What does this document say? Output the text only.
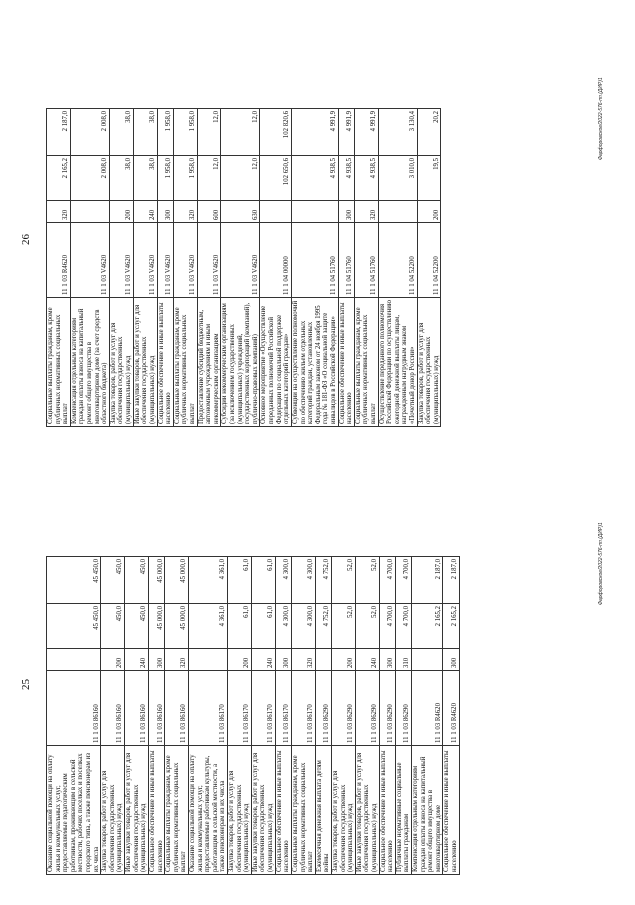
25
Оказание социальной помощи на оплату жилья и коммунальных услуг, предоставляемые педагогическим работникам, проживающим в сельской местности, рабочих поселках и поселках городского типа, а также пенсионерам из их числа	11 1 03 86160		45 450,0	45 450,0
Закупка товаров, работ и услуг для обеспечения государственных (муниципальных) нужд	11 1 03 86160	200	450,0	450,0
Иные закупки товаров, работ и услуг для обеспечения государственных (муниципальных) нужд	11 1 03 86160	240	450,0	450,0
Социальное обеспечение и иные выплаты населению	11 1 03 86160	300	45 000,0	45 000,0
Социальные выплаты гражданам, кроме публичных нормативных социальных выплат	11 1 03 86160	320	45 000,0	45 000,0
Оказание социальной помощи на оплату жилья и коммунальных услуг, предоставляемые работникам культуры, работающим в сельской местности, а также пенсионерам из их числа	11 1 03 86170		4 361,0	4 361,0
Закупка товаров, работ и услуг для обеспечения государственных (муниципальных) нужд	11 1 03 86170	200	61,0	61,0
Иные закупки товаров, работ и услуг для обеспечения государственных (муниципальных) нужд	11 1 03 86170	240	61,0	61,0
Социальное обеспечение и иные выплаты населению	11 1 03 86170	300	4 300,0	4 300,0
Социальные выплаты гражданам, кроме публичных нормативных социальных выплат	11 1 03 86170	320	4 300,0	4 300,0
Ежемесячная денежная выплата детям войны	11 1 03 86290		4 752,0	4 752,0
Закупка товаров, работ и услуг для обеспечения государственных (муниципальных) нужд	11 1 03 86290	200	52,0	52,0
Иные закупки товаров, работ и услуг для обеспечения государственных (муниципальных) нужд	11 1 03 86290	240	52,0	52,0
Социальное обеспечение и иные выплаты населению	11 1 03 86290	300	4 700,0	4 700,0
Публичные нормативные социальные выплаты гражданам	11 1 03 86290	310	4 700,0	4 700,0
Компенсация отдельным категориям граждан оплаты взноса на капитальный ремонт общего имущества в многоквартирном доме	11 1 03 R4620		2 165,2	2 187,0
Социальное обеспечение и иные выплаты населению	11 1 03 R4620	300	2 165,2	2 187,0	Фарфоровское/2022-576-пп.(ДИР)1
26
Социальные выплаты гражданам, кроме публичных нормативных социальных выплат	11 1 03 R4620	320	2 165,2	2 187,0
Компенсация отдельным категориям граждан оплаты взноса на капитальный ремонт общего имущества в многоквартирном доме (за счет средств областного бюджета)	11 1 03 V4620		2 008,0	2 008,0
Закупка товаров, работ и услуг для обеспечения государственных (муниципальных) нужд	11 1 03 V4620	200	38,0	38,0
Иные закупки товаров, работ и услуг для обеспечения государственных (муниципальных) нужд	11 1 03 V4620	240	38,0	38,0
Социальное обеспечение и иные выплаты населению	11 1 03 V4620	300	1 958,0	1 958,0
Социальные выплаты гражданам, кроме публичных нормативных социальных выплат	11 1 03 V4620	320	1 958,0	1 958,0
Предоставление субсидий бюджетным, автономным учреждениям и иным некоммерческим организациям	11 1 03 V4620	600	12,0	12,0
Субсидии некоммерческим организациям (за исключением государственных (муниципальных) учреждений, государственных корпораций (компаний), публично-правовых компаний)	11 1 03 V4620	630	12,0	12,0
Основное мероприятие «Осуществление переданных полномочий Российской Федерации по социальной поддержке отдельных категорий граждан»	11 1 04 00000		102 650,6	102 820,6
Субвенции на осуществление полномочий по обеспечению жильем отдельных категорий граждан, установленных Федеральным законом от 24 ноября 1995 года № 181-ФЗ «О социальной защите инвалидов в Российской Федерации»	11 1 04 51760		4 938,5	4 991,9
Социальное обеспечение и иные выплаты населению	11 1 04 51760	300	4 938,5	4 991,9
Социальные выплаты гражданам, кроме публичных нормативных социальных выплат	11 1 04 51760	320	4 938,5	4 991,9
Осуществление переданного полномочия Российской Федерации по осуществлению ежегодной денежной выплаты лицам, награжденным нагрудным знаком «Почетный донор России»	11 1 04 52200		3 010,0	3 130,4
Закупка товаров, работ и услуг для обеспечения государственных (муниципальных) нужд	11 1 04 52200	200	19,5	20,2	Фарфоровское/2022-576-пп.(ДИР)1
